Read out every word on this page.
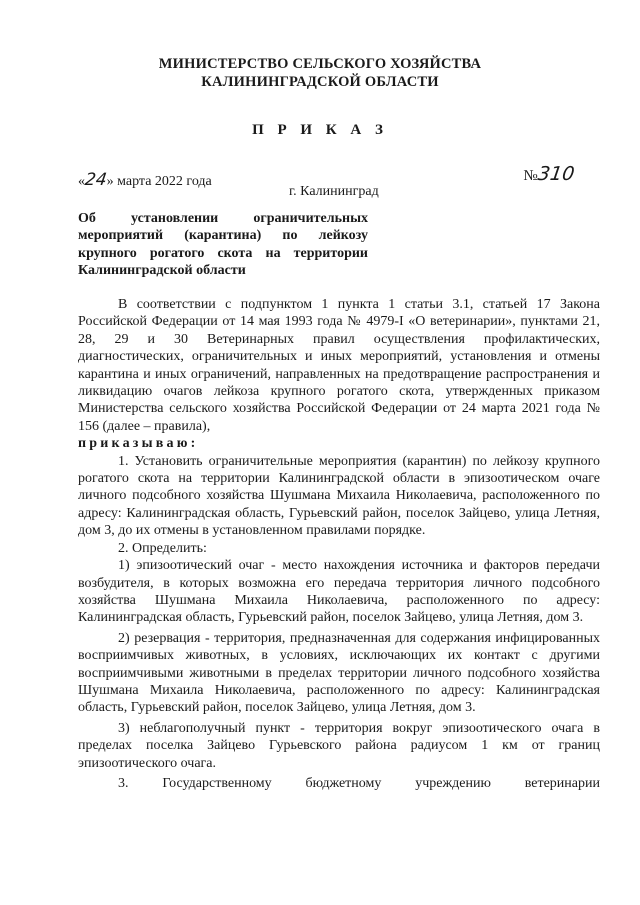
МИНИСТЕРСТВО СЕЛЬСКОГО ХОЗЯЙСТВА
КАЛИНИНГРАДСКОЙ ОБЛАСТИ
П Р И К А З
«24» марта 2022 года	№310
г. Калининград
Об установлении ограничительных
мероприятий (карантина) по лейкозу
крупного рогатого скота на территории
Калининградской области

В соответствии с подпунктом 1 пункта 1 статьи 3.1, статьей 17 Закона Российской Федерации от 14 мая 1993 года № 4979-I «О ветеринарии», пунктами 21, 28, 29 и 30 Ветеринарных правил осуществления профилактических, диагностических, ограничительных и иных мероприятий, установления и отмены карантина и иных ограничений, направленных на предотвращение распространения и ликвидацию очагов лейкоза крупного рогатого скота, утвержденных приказом Министерства сельского хозяйства Российской Федерации от 24 марта 2021 года № 156 (далее – правила),

приказываю:

1. Установить ограничительные мероприятия (карантин) по лейкозу крупного рогатого скота на территории Калининградской области в эпизоотическом очаге личного подсобного хозяйства Шушмана Михаила Николаевича, расположенного по адресу: Калининградская область, Гурьевский район, поселок Зайцево, улица Летняя, дом 3, до их отмены в установленном правилами порядке.

2. Определить:

1) эпизоотический очаг - место нахождения источника и факторов передачи возбудителя, в которых возможна его передача территория личного подсобного хозяйства Шушмана Михаила Николаевича, расположенного по адресу: Калининградская область, Гурьевский район, поселок Зайцево, улица Летняя, дом 3.

2) резервация - территория, предназначенная для содержания инфицированных восприимчивых животных, в условиях, исключающих их контакт с другими восприимчивыми животными в пределах территории личного подсобного хозяйства Шушмана Михаила Николаевича, расположенного по адресу: Калининградская область, Гурьевский район, поселок Зайцево, улица Летняя, дом 3.

3) неблагополучный пункт - территория вокруг эпизоотического очага в пределах поселка Зайцево Гурьевского района радиусом 1 км от границ эпизоотического очага.

3. Государственному бюджетному учреждению ветеринарии
